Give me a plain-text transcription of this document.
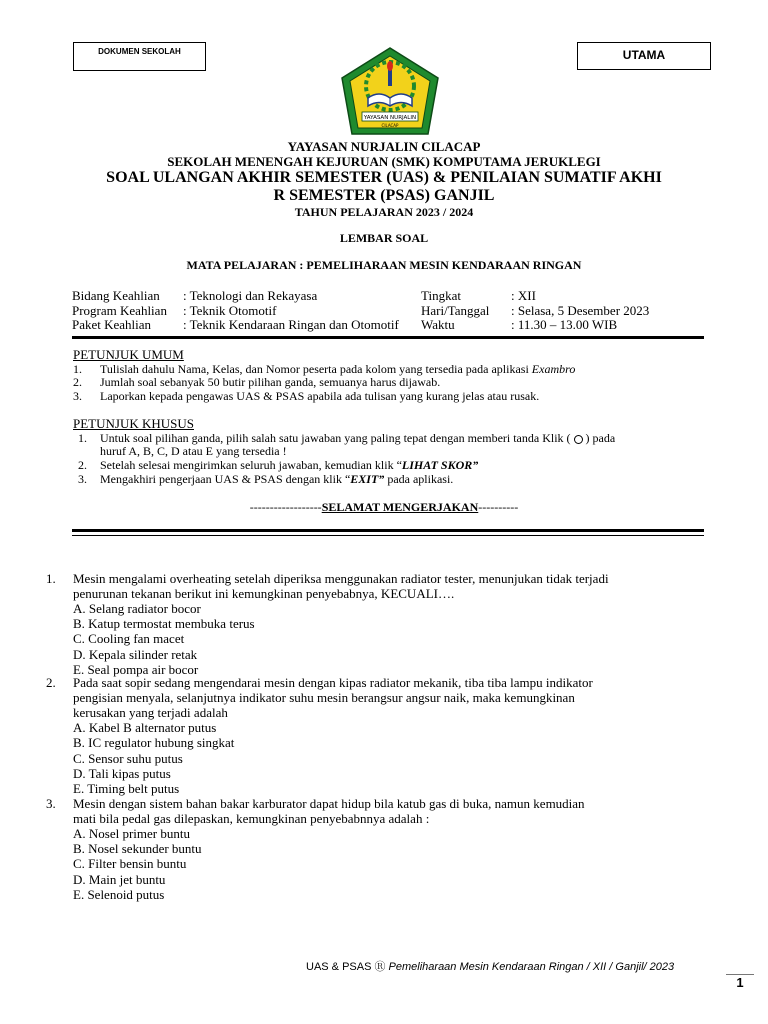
DOKUMEN SEKOLAH	UTAMA
YAYASAN NURJALIN
CILACAP
YAYASAN NURJALIN CILACAP
SEKOLAH MENENGAH KEJURUAN (SMK) KOMPUTAMA JERUKLEGI
SOAL ULANGAN AKHIR SEMESTER (UAS) & PENILAIAN SUMATIF AKHI
R SEMESTER (PSAS) GANJIL
TAHUN PELAJARAN 2023 / 2024
LEMBAR SOAL
MATA PELAJARAN : PEMELIHARAAN MESIN KENDARAAN RINGAN
Bidang Keahlian : Teknologi dan Rekayasa	Tingkat	: XII
Program Keahlian : Teknik Otomotif	Hari/Tanggal : Selasa, 5 Desember 2023
Paket Keahlian : Teknik Kendaraan Ringan dan Otomotif Waktu	: 11.30 – 13.00 WIB
PETUNJUK UMUM
1. Tulislah dahulu Nama, Kelas, dan Nomor peserta pada kolom yang tersedia pada aplikasi Exambro
2. Jumlah soal sebanyak 50 butir pilihan ganda, semuanya harus dijawab.
3. Laporkan kepada pengawas UAS & PSAS apabila ada tulisan yang kurang jelas atau rusak.
PETUNJUK KHUSUS
1. Untuk soal pilihan ganda, pilih salah satu jawaban yang paling tepat dengan memberi tanda Klik ( ) pada
huruf A, B, C, D atau E yang tersedia !
2. Setelah selesai mengirimkan seluruh jawaban, kemudian klik “LIHAT SKOR”
3. Mengakhiri pengerjaan UAS & PSAS dengan klik “EXIT” pada aplikasi.
------------------SELAMAT MENGERJAKAN----------
1. Mesin mengalami overheating setelah diperiksa menggunakan radiator tester, menunjukan tidak terjadi
penurunan tekanan berikut ini kemungkinan penyebabnya, KECUALI….
A. Selang radiator bocor
B. Katup termostat membuka terus
C. Cooling fan macet
D. Kepala silinder retak
E. Seal pompa air bocor
2. Pada saat sopir sedang mengendarai mesin dengan kipas radiator mekanik, tiba tiba lampu indikator
pengisian menyala, selanjutnya indikator suhu mesin berangsur angsur naik, maka kemungkinan
kerusakan yang terjadi adalah
A. Kabel B alternator putus
B. IC regulator hubung singkat
C. Sensor suhu putus
D. Tali kipas putus
E. Timing belt putus
3. Mesin dengan sistem bahan bakar karburator dapat hidup bila katub gas di buka, namun kemudian
mati bila pedal gas dilepaskan, kemungkinan penyebabnnya adalah :
A. Nosel primer buntu
B. Nosel sekunder buntu
C. Filter bensin buntu
D. Main jet buntu
E. Selenoid putus
UAS & PSAS Ⓡ Pemeliharaan Mesin Kendaraan Ringan / XII / Ganjil/ 2023
1
